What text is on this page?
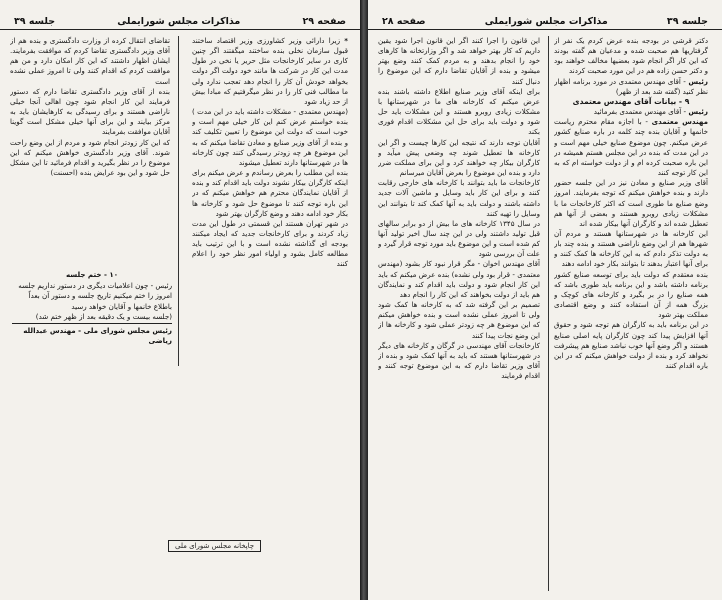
صفحه ۲۹
مذاکرات مجلس شورایملی
جلسه ۳۹

* زیرا دارائی وزیر کشاورزی وزیر اقتصاد ساختند قبول سازمان نخلی بنده ساختند میگفتند اگر چنین کاری در سایر کارخانجات مثل حریر یا نخی در طول مدت این کار در شرکت ها مانند خود دولت اگر دولت بخواهد خودش آن کار را انجام دهد تعجب ندارد ولی ما مطالب فنی کار را در نظر میگرفتیم که مبادا بیش از حد زیاد شود

(مهندس معتمدی - مشکلات داشته باید در این مدت ) بنده خواستم عرض کنم این کار خیلی مهم است و خوب است که دولت این موضوع را تعیین تکلیف کند و بنده از آقای وزیر صنایع و معادن تقاضا میکنم که به این موضوع هر چه زودتر رسیدگی کنند چون کارخانه ها در شهرستانها دارند تعطیل میشوند

بنده این مطلب را بعرض رساندم و عرض میکنم برای اینکه کارگران بیکار نشوند دولت باید اقدام کند و بنده از آقایان نمایندگان محترم هم خواهش میکنم که در این باره توجه کنند تا موضوع حل شود و کارخانه ها بکار خود ادامه دهند و وضع کارگران بهتر شود

در شهر تهران هستند این قسمتی در طول این مدت زیاد کردند و برای کارخانجات جدید که ایجاد میکنند بودجه ای گذاشته نشده است و با این ترتیب باید مطالعه کامل بشود و اولیاء امور نظر خود را اعلام کنند

تقاضای انتقال کرده از وزارت دادگستری و بنده هم از آقای وزیر دادگستری تقاضا کردم که موافقت بفرمایند. ایشان اظهار داشتند که این کار امکان دارد و من هم موافقت کردم که اقدام کنند ولی تا امروز عملی نشده است

بنده از آقای وزیر دادگستری تقاضا دارم که دستور فرمایند این کار انجام شود چون اهالی آنجا خیلی ناراضی هستند و برای رسیدگی به کارهایشان باید به مرکز بیایند و این برای آنها خیلی مشکل است گوینا آقایان موافقت بفرمایند

که این کار زودتر انجام شود و مردم از این وضع راحت شوند. آقای وزیر دادگستری خواهش میکنم که این موضوع را در نظر بگیرید و اقدام فرمائید تا این مشکل حل شود و این بود عرایض بنده (احسنت)

۱۰ - ختم جلسه

رئیس - چون اعلامیات دیگری در دستور نداریم جلسه امروز را ختم میکنیم تاریخ جلسه و دستور آن بعداً باطلاع خانمها و آقایان خواهد رسید

(جلسه بیست و یک دقیقه بعد از ظهر ختم شد)

رئیس مجلس شورای ملی - مهندس عبدالله ریاضی

چاپخانه مجلس شورای ملی
جلسه ۳۹
مذاکرات مجلس شورایملی
صفحه ۲۸

دکتر قرشی در بودجه بنده عرض کردم یک نفر از گرفتاریها هم صحبت شده و مدعیان هم گفته بودند که این کار اگر انجام شود بعضیها مخالف خواهند بود و دکتر حسن زاده هم در این مورد صحبت کردند

رئیس - آقای مهندس معتمدی در مورد برنامه اظهار نظر کنید (گفته شد بعد از ظهر)

۹ - بیانات آقای مهندس معتمدی

رئیس - آقای مهندس معتمدی بفرمائید

مهندس معتمدی - با اجازه مقام محترم ریاست خانمها و آقایان بنده چند کلمه در باره صنایع کشور عرض میکنم. چون موضوع صنایع خیلی مهم است و در این مدت که بنده در این مجلس هستم همیشه در این باره صحبت کرده ام و از دولت خواسته ام که به این کار توجه کنند

آقای وزیر صنایع و معادن نیز در این جلسه حضور دارند و بنده خواهش میکنم که توجه بفرمایند. امروز وضع صنایع ما طوری است که اکثر کارخانجات ما با مشکلات زیادی روبرو هستند و بعضی از آنها هم تعطیل شده اند و کارگران آنها بیکار شده اند

این کارخانه ها در شهرستانها هستند و مردم آن شهرها هم از این وضع ناراضی هستند و بنده چند بار به دولت تذکر دادم که به این کارخانه ها کمک کنند و برای آنها اعتبار بدهند تا بتوانند بکار خود ادامه دهند

بنده معتقدم که دولت باید برای توسعه صنایع کشور برنامه داشته باشد و این برنامه باید طوری باشد که همه صنایع را در بر بگیرد و کارخانه های کوچک و بزرگ همه از آن استفاده کنند و وضع اقتصادی مملکت بهتر شود

در این برنامه باید به کارگران هم توجه شود و حقوق آنها افزایش پیدا کند چون کارگران پایه اصلی صنایع هستند و اگر وضع آنها خوب نباشد صنایع هم پیشرفت نخواهد کرد و بنده از دولت خواهش میکنم که در این باره اقدام کنند

این قانون را اجرا کنند اگر این قانون اجرا شود یقین داریم که کار بهتر خواهد شد و اگر وزارتخانه ها کارهای خود را انجام بدهند و به مردم کمک کنند وضع بهتر میشود و بنده از آقایان تقاضا دارم که این موضوع را دنبال کنند

برای اینکه آقای وزیر صنایع اطلاع داشته باشند بنده عرض میکنم که کارخانه های ما در شهرستانها با مشکلات زیادی روبرو هستند و این مشکلات باید حل شود و دولت باید برای حل این مشکلات اقدام فوری بکند

آقایان توجه دارند که نتیجه این کارها چیست و اگر این کارخانه ها تعطیل شوند چه وضعی پیش میآید و کارگران بیکار چه خواهند کرد و این برای مملکت ضرر دارد و بنده این موضوع را بعرض آقایان میرسانم

کارخانجات ما باید بتوانند با کارخانه های خارجی رقابت کنند و برای این کار باید وسایل و ماشین آلات جدید داشته باشند و دولت باید به آنها کمک کند تا بتوانند این وسایل را تهیه کنند

در سال ۱۳۴۵ کارخانه های ما بیش از دو برابر سالهای قبل تولید داشتند ولی در این چند سال اخیر تولید آنها کم شده است و این موضوع باید مورد توجه قرار گیرد و علت آن بررسی شود

آقای مهندس اخوان - مگر قرار نبود کار بشود (مهندس معتمدی - قرار بود ولی نشده) بنده عرض میکنم که باید این کار انجام شود و دولت باید اقدام کند و نمایندگان هم باید از دولت بخواهند که این کار را انجام دهد

تصمیم بر این گرفته شد که به کارخانه ها کمک شود ولی تا امروز عملی نشده است و بنده خواهش میکنم که این موضوع هر چه زودتر عملی شود و کارخانه ها از این وضع نجات پیدا کنند

کارخانجات آقای مهندسی در گرگان و کارخانه های دیگر در شهرستانها هستند که باید به آنها کمک شود و بنده از آقای وزیر تقاضا دارم که به این موضوع توجه کنند و اقدام فرمایند
